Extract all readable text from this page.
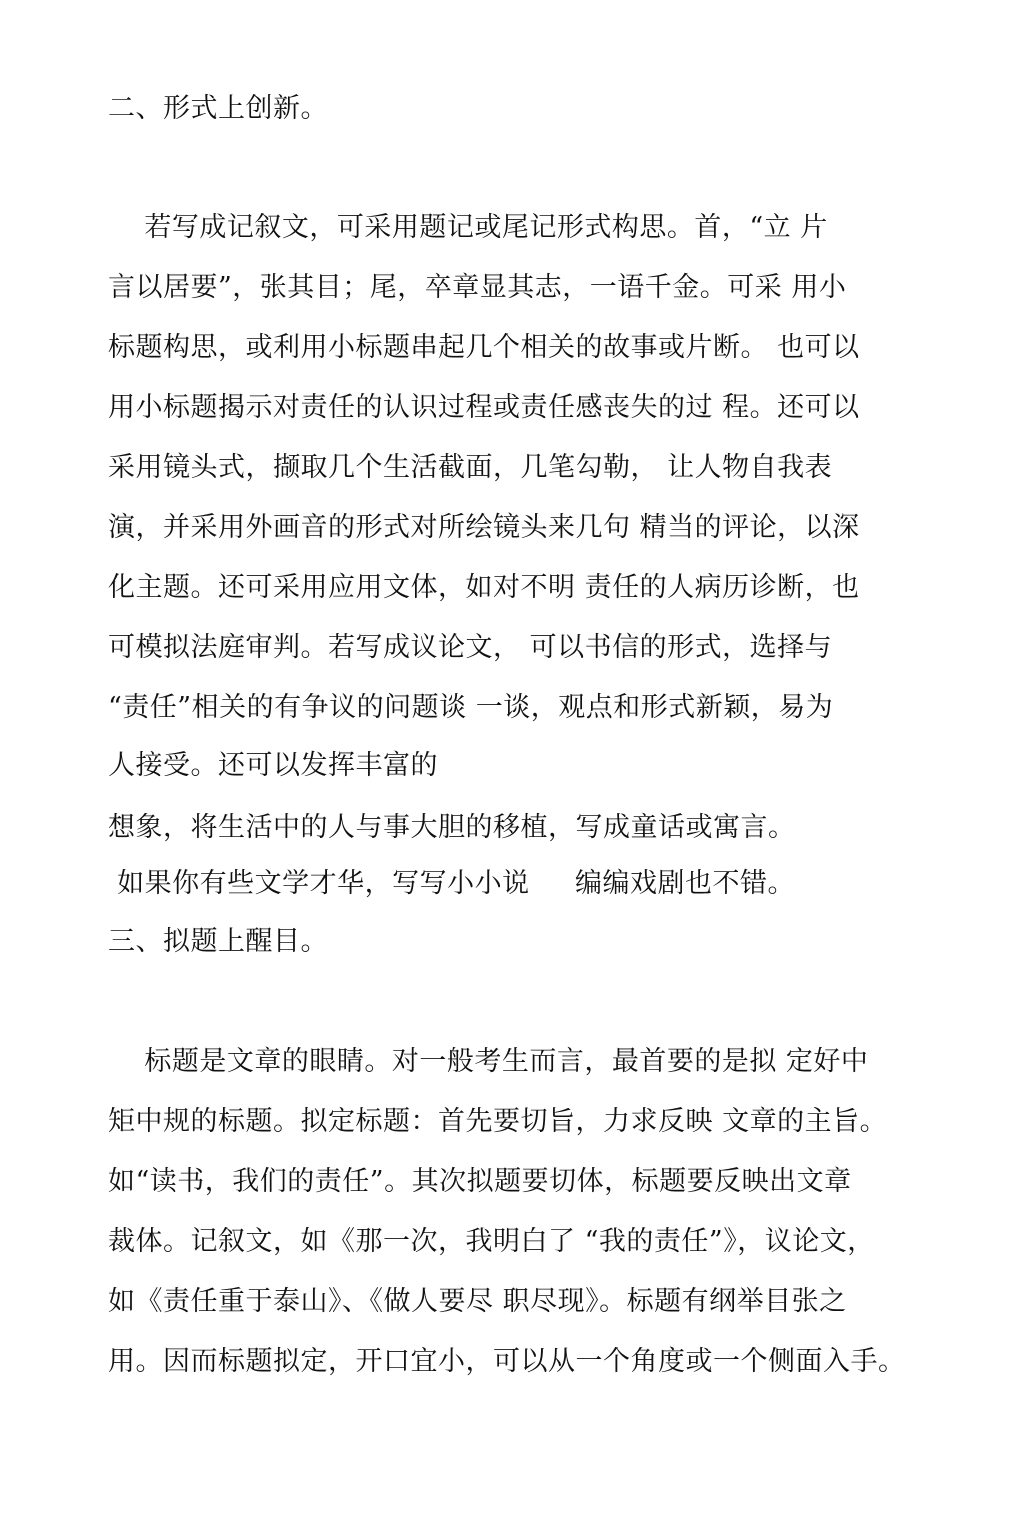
二、形式上创新。
若写成记叙文，可采用题记或尾记形式构思。首，“立 片
言以居要”，张其目；尾，卒章显其志，一语千金。可采 用小
标题构思，或利用小标题串起几个相关的故事或片断。 也可以
用小标题揭示对责任的认识过程或责任感丧失的过 程。还可以
采用镜头式，撷取几个生活截面，几笔勾勒， 让人物自我表
演，并采用外画音的形式对所绘镜头来几句 精当的评论，以深
化主题。还可采用应用文体，如对不明 责任的人病历诊断，也
可模拟法庭审判。若写成议论文， 可以书信的形式，选择与
“责任”相关的有争议的问题谈 一谈，观点和形式新颖，易为
人接受。还可以发挥丰富的
想象，将生活中的人与事大胆的移植，写成童话或寓言。
如果你有些文学才华，写写小小说     编编戏剧也不错。
三、拟题上醒目。
标题是文章的眼睛。对一般考生而言，最首要的是拟 定好中
矩中规的标题。拟定标题：首先要切旨，力求反映 文章的主旨。
如“读书，我们的责任”。其次拟题要切体，标题要反映出文章
裁体。记叙文，如《那一次，我明白了 “我的责任”》，议论文，
如《责任重于泰山》、《做人要尽 职尽现》。标题有纲举目张之
用。因而标题拟定，开口宜小，可以从一个角度或一个侧面入手。
